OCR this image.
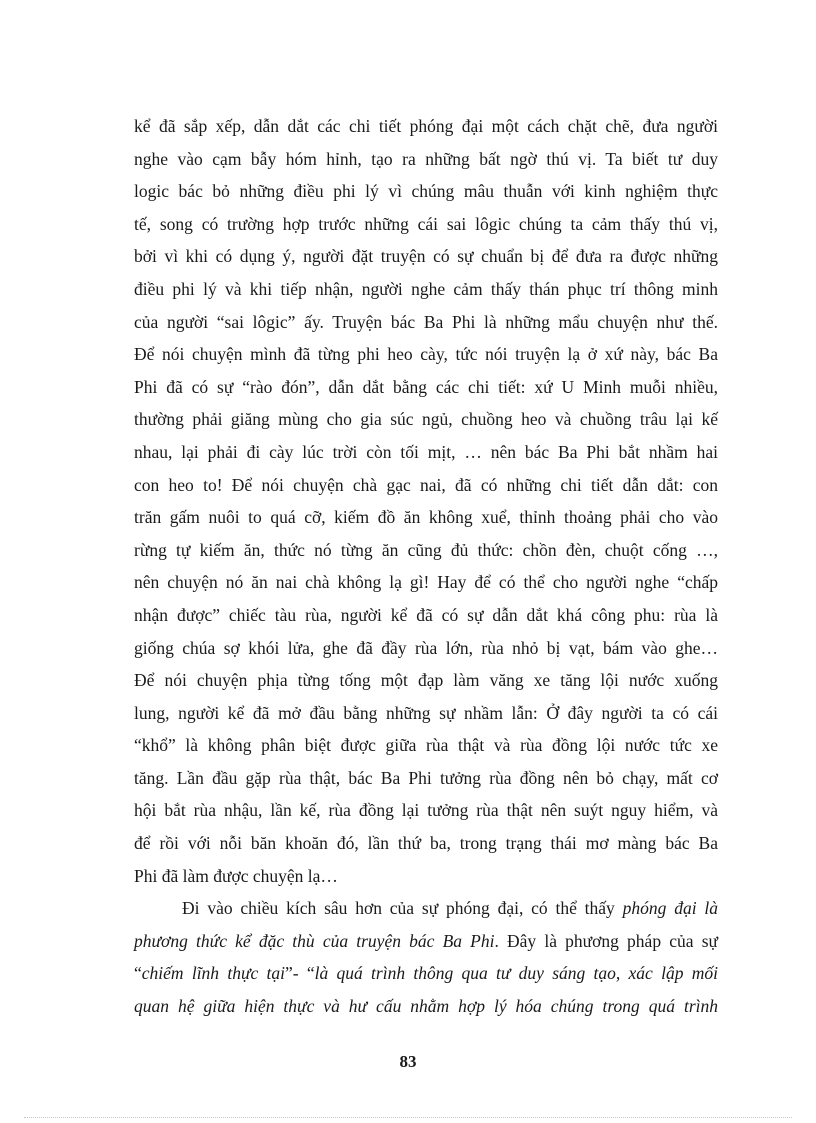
kể đã sắp xếp, dẫn dắt các chi tiết phóng đại một cách chặt chẽ, đưa người
nghe vào cạm bẫy hóm hỉnh, tạo ra những bất ngờ thú vị. Ta biết tư duy
logic bác bỏ những điều phi lý vì chúng mâu thuẫn với kinh nghiệm thực
tế, song có trường hợp trước những cái sai lôgic chúng ta cảm thấy thú vị,
bởi vì khi có dụng ý, người đặt truyện có sự chuẩn bị để đưa ra được những
điều phi lý và khi tiếp nhận, người nghe cảm thấy thán phục trí thông minh
của người “sai lôgic” ấy. Truyện bác Ba Phi là những mẩu chuyện như thế.
Để nói chuyện mình đã từng phi heo cày, tức nói truyện lạ ở xứ này, bác Ba
Phi đã có sự “rào đón”, dẫn dắt bằng các chi tiết: xứ U Minh muỗi nhiều,
thường phải giăng mùng cho gia súc ngủ, chuồng heo và chuồng trâu lại kế
nhau, lại phải đi cày lúc trời còn tối mịt, … nên bác Ba Phi bắt nhầm hai
con heo to! Để nói chuyện chà gạc nai, đã có những chi tiết dẫn dắt: con
trăn gấm nuôi to quá cỡ, kiếm đồ ăn không xuể, thỉnh thoảng phải cho vào
rừng tự kiếm ăn, thức nó từng ăn cũng đủ thức: chồn đèn, chuột cống …,
nên chuyện nó ăn nai chà không lạ gì! Hay để có thể cho người nghe “chấp
nhận được” chiếc tàu rùa, người kể đã có sự dẫn dắt khá công phu: rùa là
giống chúa sợ khói lửa, ghe đã đầy rùa lớn, rùa nhỏ bị vạt, bám vào ghe…
Để nói chuyện phịa từng tống một đạp làm văng xe tăng lội nước xuống
lung, người kể đã mở đầu bằng những sự nhầm lẫn: Ở đây người ta có cái
“khổ” là không phân biệt được giữa rùa thật và rùa đồng lội nước tức xe
tăng. Lần đầu gặp rùa thật, bác Ba Phi tưởng rùa đồng nên bỏ chạy, mất cơ
hội bắt rùa nhậu, lần kế, rùa đồng lại tưởng rùa thật nên suýt nguy hiểm, và
để rồi với nỗi băn khoăn đó, lần thứ ba, trong trạng thái mơ màng bác Ba
Phi đã làm được chuyện lạ…
Đi vào chiều kích sâu hơn của sự phóng đại, có thể thấy phóng đại là
phương thức kể đặc thù của truyện bác Ba Phi. Đây là phương pháp của sự
“chiếm lĩnh thực tại”- “là quá trình thông qua tư duy sáng tạo, xác lập mối
quan hệ giữa hiện thực và hư cấu nhằm hợp lý hóa chúng trong quá trình
83
